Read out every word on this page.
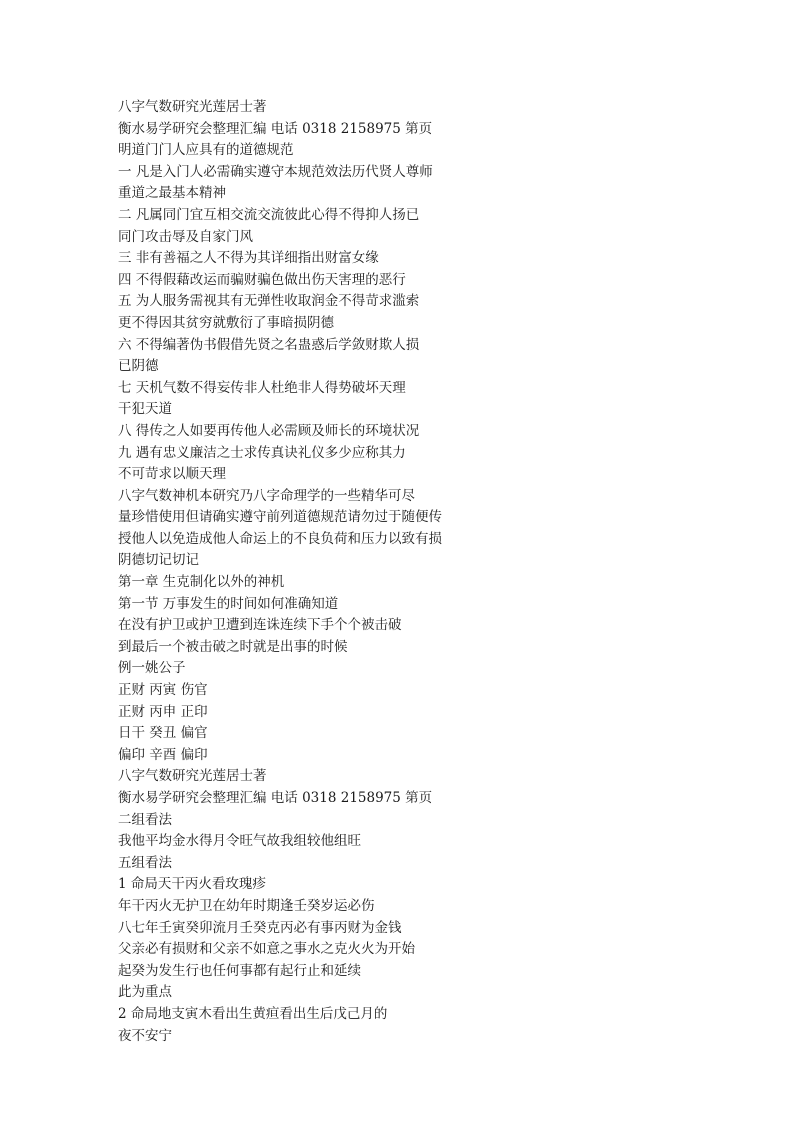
八字气数研究光莲居士著
衡水易学研究会整理汇编 电话 0318 2158975 第页
明道门门人应具有的道德规范
一 凡是入门人必需确实遵守本规范效法历代贤人尊师
重道之最基本精神
二 凡属同门宜互相交流交流彼此心得不得抑人扬已
同门攻击辱及自家门风
三 非有善福之人不得为其详细指出财富女缘
四 不得假藉改运而骗财骗色做出伤天害理的恶行
五 为人服务需视其有无弹性收取润金不得苛求滥索
更不得因其贫穷就敷衍了事暗损阴德
六 不得编著伪书假借先贤之名蛊惑后学敛财欺人损
已阴德
七 天机气数不得妄传非人杜绝非人得势破坏天理
干犯天道
八 得传之人如要再传他人必需顾及师长的环境状况
九 遇有忠义廉洁之士求传真诀礼仪多少应称其力
不可苛求以顺天理
八字气数神机本研究乃八字命理学的一些精华可尽
量珍惜使用但请确实遵守前列道德规范请勿过于随便传
授他人以免造成他人命运上的不良负荷和压力以致有损
阴德切记切记
第一章 生克制化以外的神机
第一节 万事发生的时间如何准确知道
在没有护卫或护卫遭到连诛连续下手个个被击破
到最后一个被击破之时就是出事的时候
例一姚公子
正财 丙寅 伤官
正财 丙申 正印
日干 癸丑 偏官
偏印 辛酉 偏印
八字气数研究光莲居士著
衡水易学研究会整理汇编 电话 0318 2158975 第页
二组看法
我他平均金水得月令旺气故我组较他组旺
五组看法
1 命局天干丙火看玫瑰疹
年干丙火无护卫在幼年时期逢壬癸岁运必伤
八七年壬寅癸卯流月壬癸克丙必有事丙财为金钱
父亲必有损财和父亲不如意之事水之克火火为开始
起癸为发生行也任何事都有起行止和延续
此为重点
2 命局地支寅木看出生黄疸看出生后戊己月的
夜不安宁
